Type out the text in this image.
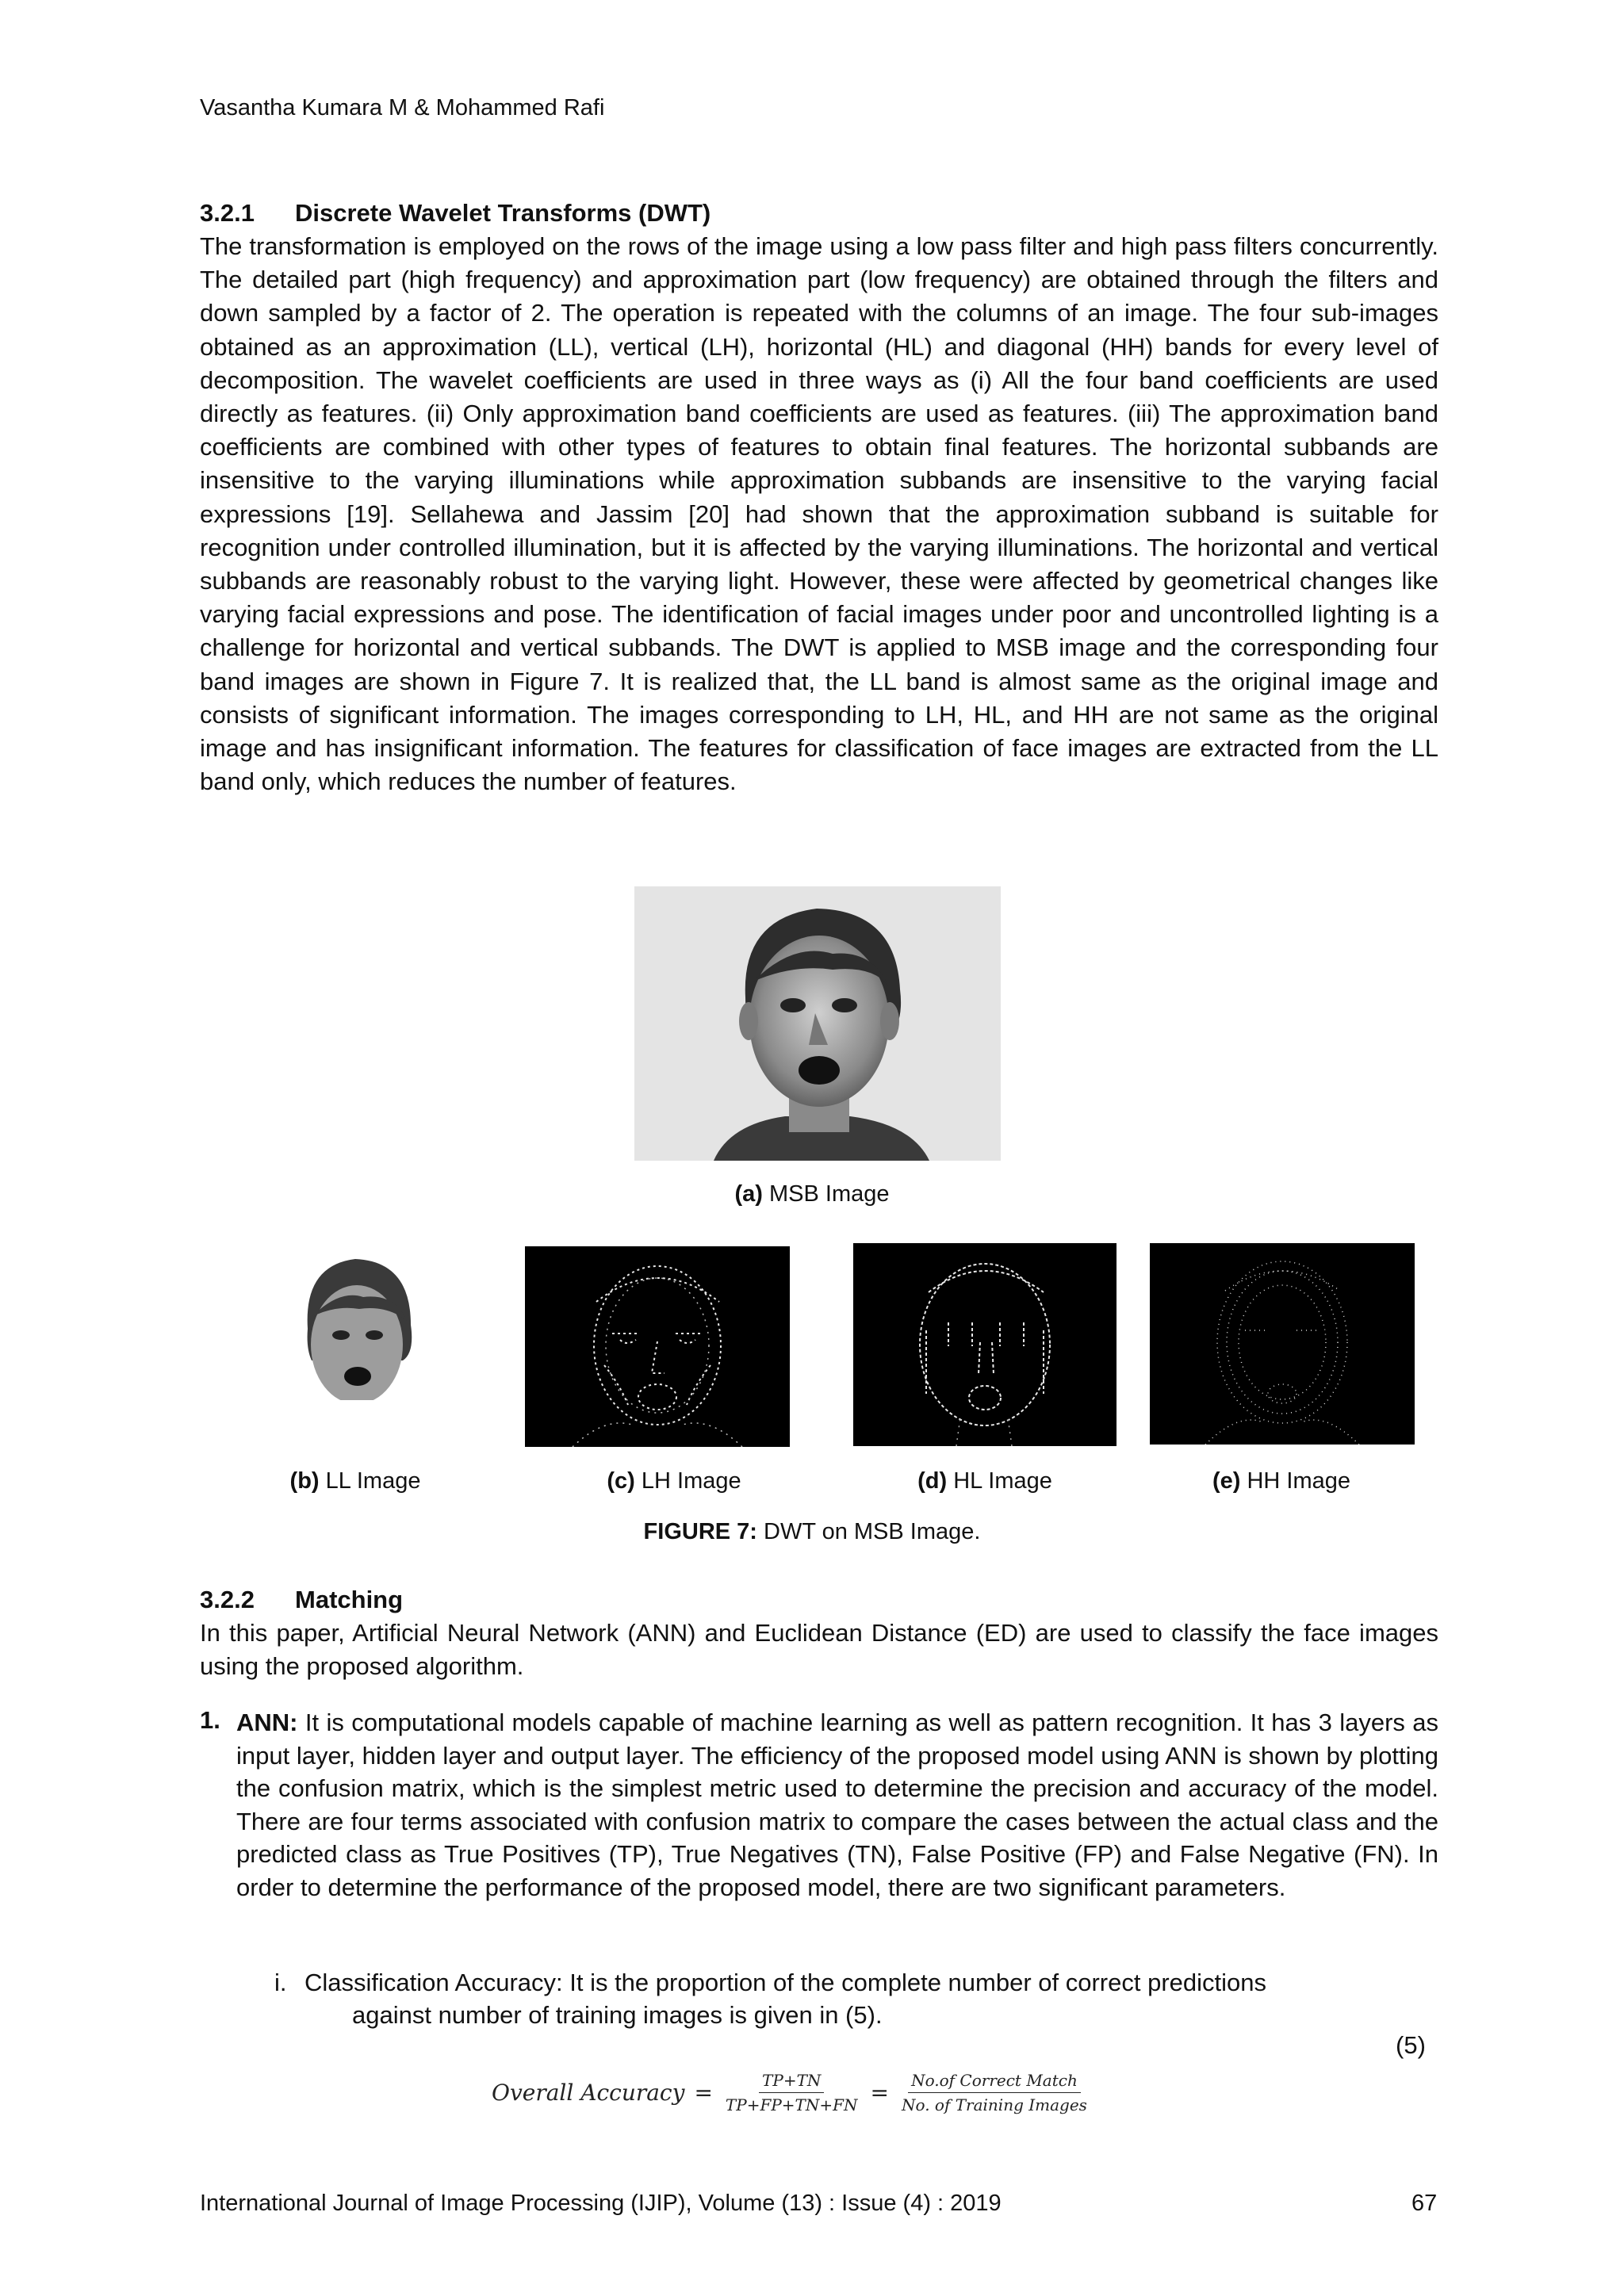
Vasantha Kumara M & Mohammed Rafi
3.2.1 Discrete Wavelet Transforms (DWT)

The transformation is employed on the rows of the image using a low pass filter and high pass filters concurrently. The detailed part (high frequency) and approximation part (low frequency) are obtained through the filters and down sampled by a factor of 2. The operation is repeated with the columns of an image. The four sub-images obtained as an approximation (LL), vertical (LH), horizontal (HL) and diagonal (HH) bands for every level of decomposition. The wavelet coefficients are used in three ways as (i) All the four band coefficients are used directly as features. (ii) Only approximation band coefficients are used as features. (iii) The approximation band coefficients are combined with other types of features to obtain final features. The horizontal subbands are insensitive to the varying illuminations while approximation subbands are insensitive to the varying facial expressions [19]. Sellahewa and Jassim [20] had shown that the approximation subband is suitable for recognition under controlled illumination, but it is affected by the varying illuminations. The horizontal and vertical subbands are reasonably robust to the varying light. However, these were affected by geometrical changes like varying facial expressions and pose. The identification of facial images under poor and uncontrolled lighting is a challenge for horizontal and vertical subbands. The DWT is applied to MSB image and the corresponding four band images are shown in Figure 7. It is realized that, the LL band is almost same as the original image and consists of significant information. The images corresponding to LH, HL, and HH are not same as the original image and has insignificant information. The features for classification of face images are extracted from the LL band only, which reduces the number of features.

(a) MSB Image
(b) LL Image	(c) LH Image	(d) HL Image	(e) HH Image
FIGURE 7: DWT on MSB Image.
3.2.2 Matching

In this paper, Artificial Neural Network (ANN) and Euclidean Distance (ED) are used to classify the face images using the proposed algorithm.

1. ANN: It is computational models capable of machine learning as well as pattern recognition. It has 3 layers as input layer, hidden layer and output layer. The efficiency of the proposed model using ANN is shown by plotting the confusion matrix, which is the simplest metric used to determine the precision and accuracy of the model. There are four terms associated with confusion matrix to compare the cases between the actual class and the predicted class as True Positives (TP), True Negatives (TN), False Positive (FP) and False Negative (FN). In order to determine the performance of the proposed model, there are two significant parameters.

i. Classification Accuracy: It is the proportion of the complete number of correct predictions
against number of training images is given in (5).
(5)
Overall Accuracy = $\frac{TP+TN}{TP+FP+TN+FN} = \frac{\text{No.of Correct Match}}{\text{No. of Training Images}}$
International Journal of Image Processing (IJIP), Volume (13) : Issue (4) : 2019	67
